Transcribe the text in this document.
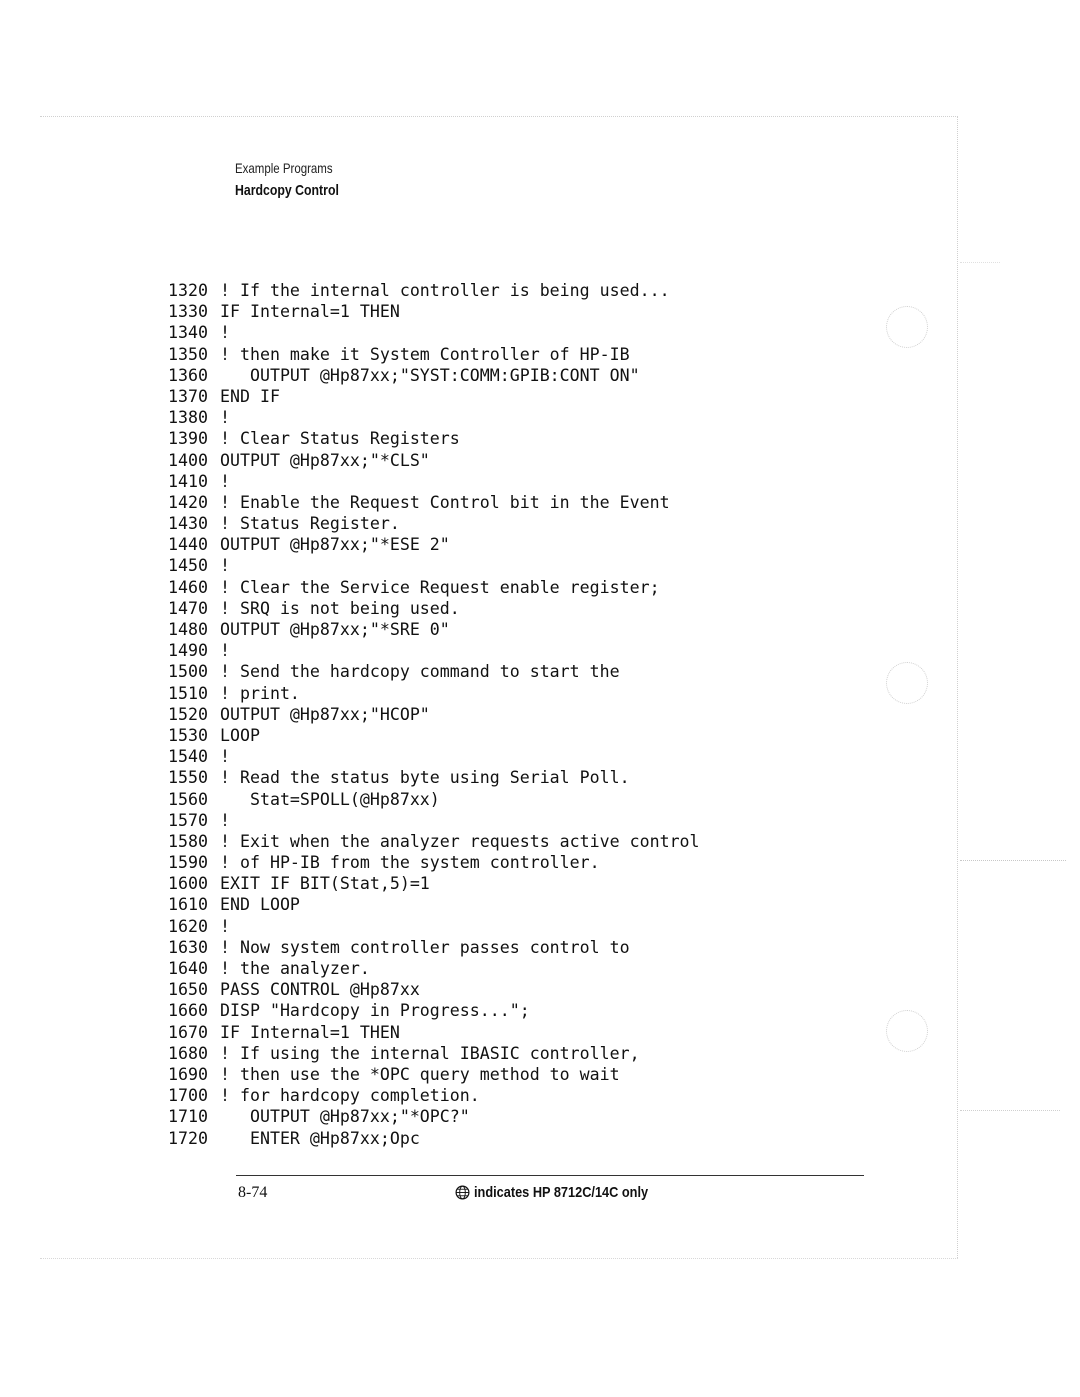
Example Programs
Hardcopy Control
1320 ! If the internal controller is being used...
1330 IF Internal=1 THEN
1340 !
1350 ! then make it System Controller of HP-IB
1360   OUTPUT @Hp87xx;"SYST:COMM:GPIB:CONT ON"
1370 END IF
1380 !
1390 ! Clear Status Registers
1400 OUTPUT @Hp87xx;"*CLS"
1410 !
1420 ! Enable the Request Control bit in the Event
1430 ! Status Register.
1440 OUTPUT @Hp87xx;"*ESE 2"
1450 !
1460 ! Clear the Service Request enable register;
1470 ! SRQ is not being used.
1480 OUTPUT @Hp87xx;"*SRE 0"
1490 !
1500 ! Send the hardcopy command to start the
1510 ! print.
1520 OUTPUT @Hp87xx;"HCOP"
1530 LOOP
1540 !
1550 ! Read the status byte using Serial Poll.
1560   Stat=SPOLL(@Hp87xx)
1570 !
1580 ! Exit when the analyzer requests active control
1590 ! of HP-IB from the system controller.
1600 EXIT IF BIT(Stat,5)=1
1610 END LOOP
1620 !
1630 ! Now system controller passes control to
1640 ! the analyzer.
1650 PASS CONTROL @Hp87xx
1660 DISP "Hardcopy in Progress...";
1670 IF Internal=1 THEN
1680 ! If using the internal IBASIC controller,
1690 ! then use the *OPC query method to wait
1700 ! for hardcopy completion.
1710   OUTPUT @Hp87xx;"*OPC?"
1720   ENTER @Hp87xx;Opc
8-74	indicates HP 8712C/14C only
